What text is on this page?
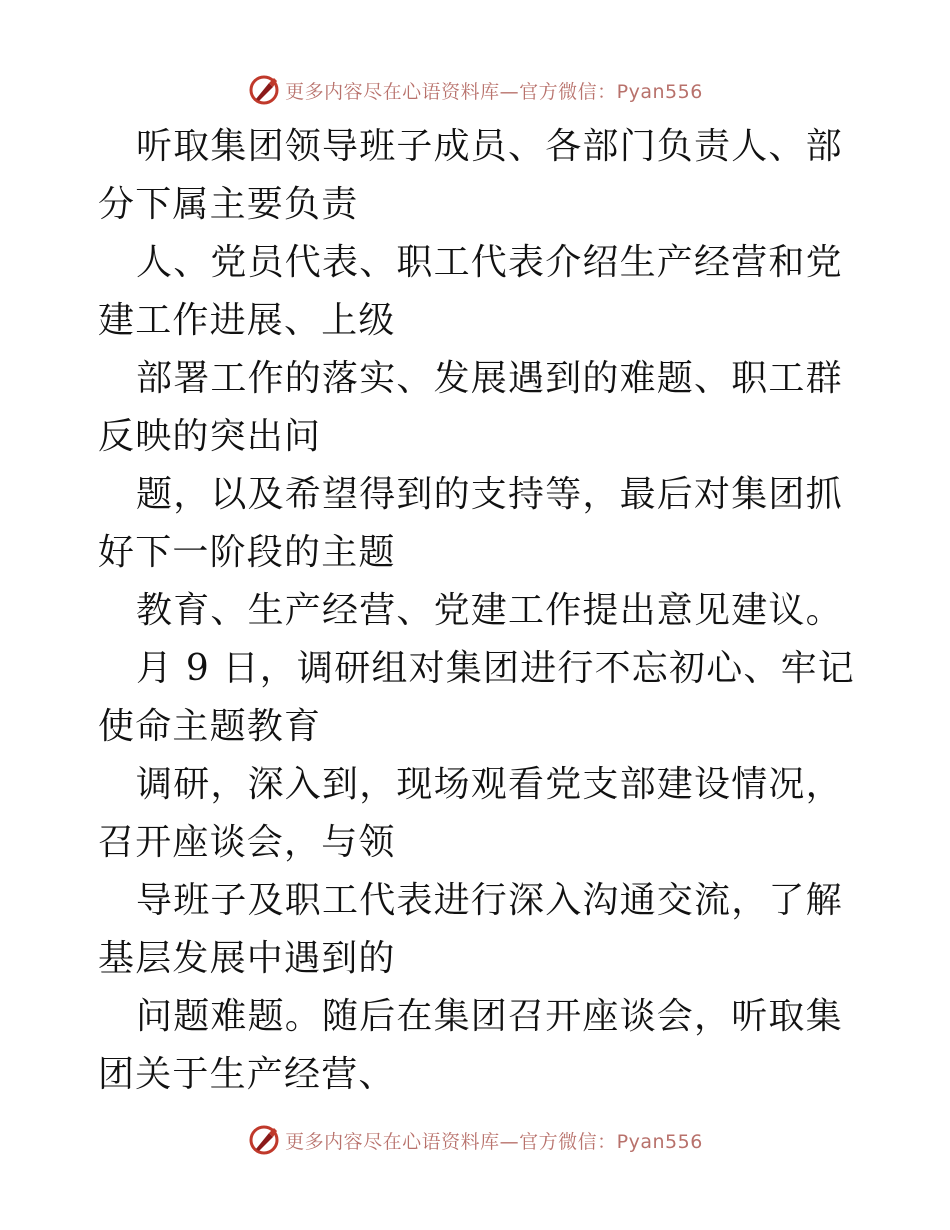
更多内容尽在心语资料库—官方微信：Pyan556

听取集团领导班子成员、各部门负责人、部分下属主要负责

人、党员代表、职工代表介绍生产经营和党建工作进展、上级

部署工作的落实、发展遇到的难题、职工群反映的突出问

题，以及希望得到的支持等，最后对集团抓好下一阶段的主题

教育、生产经营、党建工作提出意见建议。

月 9 日，调研组对集团进行不忘初心、牢记使命主题教育

调研，深入到，现场观看党支部建设情况，召开座谈会，与领

导班子及职工代表进行深入沟通交流，了解基层发展中遇到的

问题难题。随后在集团召开座谈会，听取集团关于生产经营、

更多内容尽在心语资料库—官方微信：Pyan556
